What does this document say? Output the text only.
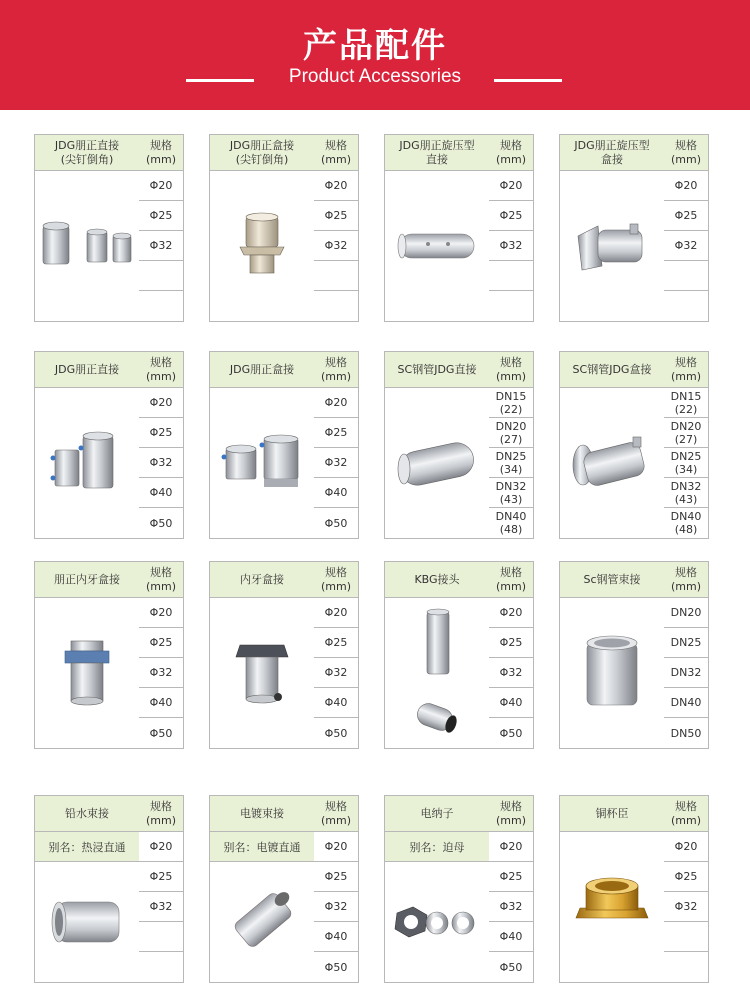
产品配件
Product Accessories
JDG朋正直接
(尖钉倒角)
规格
(mm)
Φ20
Φ25
Φ32
JDG朋正盒接
(尖钉倒角)
规格
(mm)
Φ20
Φ25
Φ32
JDG朋正旋压型
直接
规格
(mm)
Φ20
Φ25
Φ32
JDG朋正旋压型
盒接
规格
(mm)
Φ20
Φ25
Φ32
JDG朋正直接
规格
(mm)
Φ20
Φ25
Φ32
Φ40
Φ50
JDG朋正盒接
规格
(mm)
Φ20
Φ25
Φ32
Φ40
Φ50
SC钢管JDG直接
规格
(mm)
DN15
(22)
DN20
(27)
DN25
(34)
DN32
(43)
DN40
(48)
SC钢管JDG盒接
规格
(mm)
DN15
(22)
DN20
(27)
DN25
(34)
DN32
(43)
DN40
(48)
朋正内牙盒接
规格
(mm)
Φ20
Φ25
Φ32
Φ40
Φ50
内牙盒接
规格
(mm)
Φ20
Φ25
Φ32
Φ40
Φ50
KBG接头
规格
(mm)
Φ20
Φ25
Φ32
Φ40
Φ50
Sc钢管束接
规格
(mm)
DN20
DN25
DN32
DN40
DN50
铅水束接
规格
(mm)
别名：热浸直通	Φ20
Φ25
Φ32
电镀束接
规格
(mm)
别名：电镀直通	Φ20
Φ25
Φ32
Φ40
Φ50
电纳子
规格
(mm)
别名：迫母	Φ20
Φ25
Φ32
Φ40
Φ50
铜杯臣
规格
(mm)
Φ20
Φ25
Φ32
